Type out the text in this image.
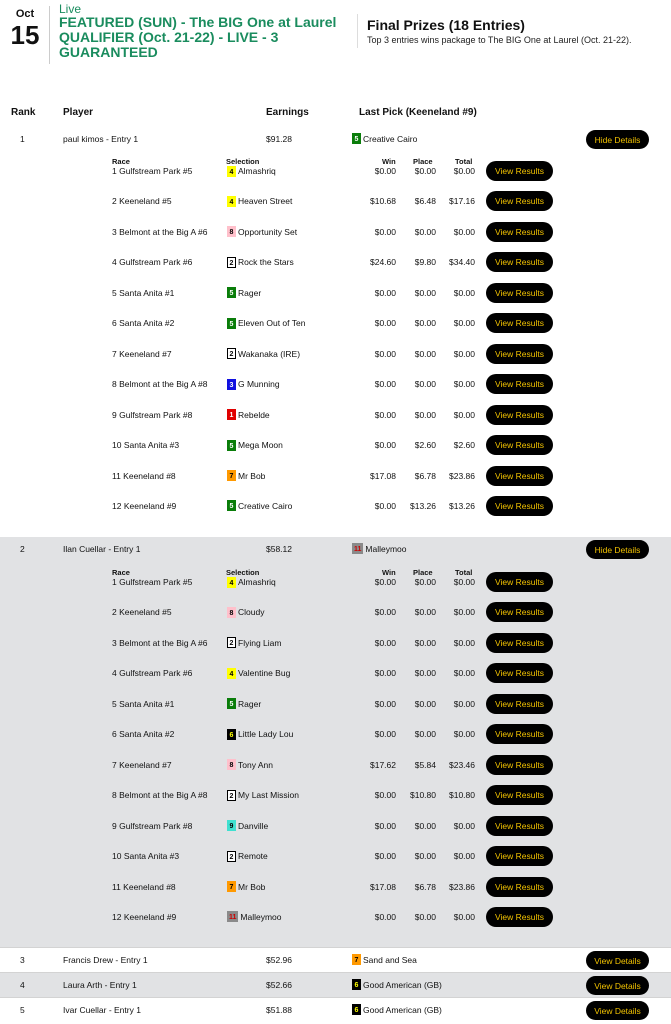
Oct
15
Live
FEATURED (SUN) - The BIG One at Laurel QUALIFIER (Oct. 21-22) - LIVE - 3 GUARANTEED
Final Prizes (18 Entries)
Top 3 entries wins package to The BIG One at Laurel (Oct. 21-22).
Rank	Player	Earnings	Last Pick (Keeneland #9)
1	paul kimos - Entry 1	$91.28	5 Creative Cairo	Hide Details
Race	Selection	Win Place	Total
1 Gulfstream Park #5	4 Almashriq	$0.00	$0.00	$0.00	View Results
2 Keeneland #5	4 Heaven Street	$10.68	$6.48	$17.16	View Results
3 Belmont at the Big A #6	8 Opportunity Set	$0.00	$0.00	$0.00	View Results
4 Gulfstream Park #6	2 Rock the Stars	$24.60	$9.80	$34.40	View Results
5 Santa Anita #1	5 Rager	$0.00	$0.00	$0.00	View Results
6 Santa Anita #2	5 Eleven Out of Ten	$0.00	$0.00	$0.00	View Results
7 Keeneland #7	2 Wakanaka (IRE)	$0.00	$0.00	$0.00	View Results
8 Belmont at the Big A #8	3 G Munning	$0.00	$0.00	$0.00	View Results
9 Gulfstream Park #8	1 Rebelde	$0.00	$0.00	$0.00	View Results
10 Santa Anita #3	5 Mega Moon	$0.00	$2.60	$2.60	View Results
11 Keeneland #8	7 Mr Bob	$17.08	$6.78	$23.86	View Results
12 Keeneland #9	5 Creative Cairo	$0.00	$13.26	$13.26	View Results
2	Ilan Cuellar - Entry 1	$58.12	11 Malleymoo	Hide Details
Race	Selection	Win Place	Total
1 Gulfstream Park #5	4 Almashriq	$0.00	$0.00	$0.00	View Results
2 Keeneland #5	8 Cloudy	$0.00	$0.00	$0.00	View Results
3 Belmont at the Big A #6	2 Flying Liam	$0.00	$0.00	$0.00	View Results
4 Gulfstream Park #6	4 Valentine Bug	$0.00	$0.00	$0.00	View Results
5 Santa Anita #1	5 Rager	$0.00	$0.00	$0.00	View Results
6 Santa Anita #2	6 Little Lady Lou	$0.00	$0.00	$0.00	View Results
7 Keeneland #7	8 Tony Ann	$17.62	$5.84	$23.46	View Results
8 Belmont at the Big A #8	2 My Last Mission	$0.00	$10.80	$10.80	View Results
9 Gulfstream Park #8	9 Danville	$0.00	$0.00	$0.00	View Results
10 Santa Anita #3	2 Remote	$0.00	$0.00	$0.00	View Results
11 Keeneland #8	7 Mr Bob	$17.08	$6.78	$23.86	View Results
12 Keeneland #9	11 Malleymoo	$0.00	$0.00	$0.00	View Results
3	Francis Drew - Entry 1	$52.96	7 Sand and Sea	View Details
4	Laura Arth - Entry 1	$52.66	6 Good American (GB)	View Details
5	Ivar Cuellar - Entry 1	$51.88	6 Good American (GB)	View Details
